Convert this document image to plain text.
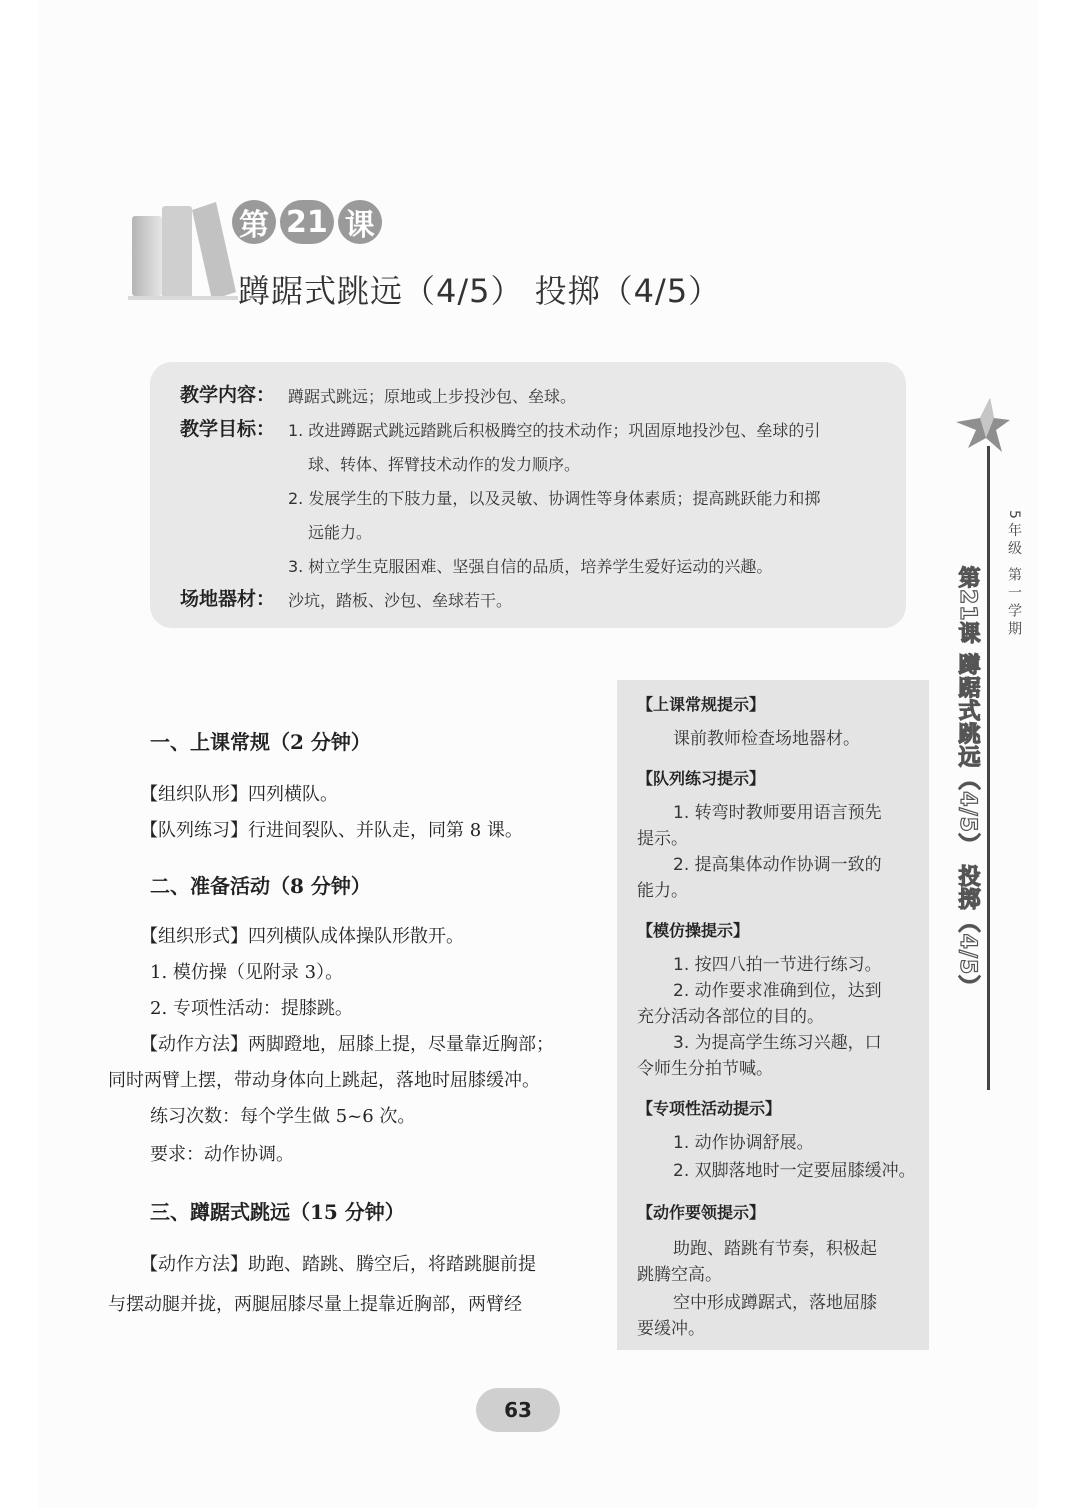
第 21 课
蹲踞式跳远（4/5） 投掷（4/5）
教学内容： 蹲踞式跳远；原地或上步投沙包、垒球。
教学目标： 1. 改进蹲踞式跳远踏跳后积极腾空的技术动作；巩固原地投沙包、垒球的引
球、转体、挥臂技术动作的发力顺序。
2. 发展学生的下肢力量，以及灵敏、协调性等身体素质；提高跳跃能力和掷
远能力。
3. 树立学生克服困难、坚强自信的品质，培养学生爱好运动的兴趣。
场地器材： 沙坑，踏板、沙包、垒球若干。	5年级 第一学期
第21课 蹲踞式跳远（4/5） 投掷（4/5）
一、上课常规（2 分钟）
【组织队形】四列横队。
【队列练习】行进间裂队、并队走，同第 8 课。
二、准备活动（8 分钟）
【组织形式】四列横队成体操队形散开。
1. 模仿操（见附录 3）。
2. 专项性活动：提膝跳。
【动作方法】两脚蹬地，屈膝上提，尽量靠近胸部；
同时两臂上摆，带动身体向上跳起，落地时屈膝缓冲。
练习次数：每个学生做 5~6 次。
要求：动作协调。
三、蹲踞式跳远（15 分钟）
【动作方法】助跑、踏跳、腾空后，将踏跳腿前提
与摆动腿并拢，两腿屈膝尽量上提靠近胸部，两臂经
【上课常规提示】
课前教师检查场地器材。
【队列练习提示】
1. 转弯时教师要用语言预先
提示。
2. 提高集体动作协调一致的
能力。
【模仿操提示】
1. 按四八拍一节进行练习。
2. 动作要求准确到位，达到
充分活动各部位的目的。
3. 为提高学生练习兴趣，口
令师生分拍节喊。
【专项性活动提示】
1. 动作协调舒展。
2. 双脚落地时一定要屈膝缓冲。
【动作要领提示】
助跑、踏跳有节奏，积极起
跳腾空高。
空中形成蹲踞式，落地屈膝
要缓冲。
63
